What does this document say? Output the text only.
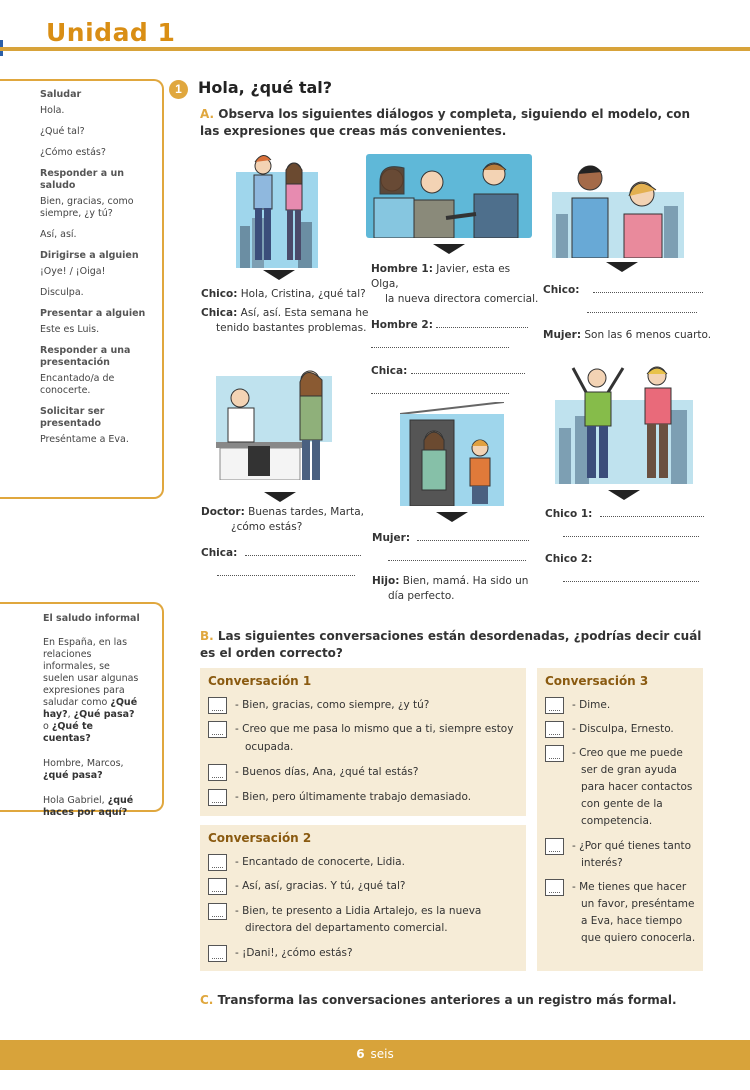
Unidad 1
Saludar
Hola.
¿Qué tal?
¿Cómo estás?
Responder a un saludo
Bien, gracias, como siempre, ¿y tú?
Así, así.
Dirigirse a alguien
¡Oye! / ¡Oiga!
Disculpa.
Presentar a alguien
Este es Luis.
Responder a una presentación
Encantado/a de conocerte.
Solicitar ser presentado
Preséntame a Eva.
El saludo informal
En España, en las relaciones informales, se suelen usar algunas expresiones para saludar como ¿Qué hay?, ¿Qué pasa? o ¿Qué te cuentas?
Hombre, Marcos, ¿qué pasa?
Hola Gabriel, ¿qué haces por aquí?
1	Hola, ¿qué tal?
A. Observa los siguientes diálogos y completa, siguiendo el modelo, con las expresiones que creas más convenientes.
Chico: Hola, Cristina, ¿qué tal?
Chica: Así, así. Esta semana he
tenido bastantes problemas.
Hombre 1: Javier, esta es Olga,
la nueva directora comercial.
Hombre 2:
Chica:
Chico:
Mujer: Son las 6 menos cuarto.
Doctor: Buenas tardes, Marta,
¿cómo estás?
Chica:
Mujer:
Hijo: Bien, mamá. Ha sido un
día perfecto.
Chico 1:
Chico 2:
B. Las siguientes conversaciones están desordenadas, ¿podrías decir cuál es el orden correcto?
Conversación 1
- Bien, gracias, como siempre, ¿y tú?
- Creo que me pasa lo mismo que a ti, siempre estoy
ocupada.
- Buenos días, Ana, ¿qué tal estás?
- Bien, pero últimamente trabajo demasiado.
Conversación 2
- Encantado de conocerte, Lidia.
- Así, así, gracias. Y tú, ¿qué tal?
- Bien, te presento a Lidia Artalejo, es la nueva
directora del departamento comercial.
- ¡Dani!, ¿cómo estás?
Conversación 3
- Dime.
- Disculpa, Ernesto.
- Creo que me puede
ser de gran ayuda
para hacer contactos
con gente de la
competencia.
- ¿Por qué tienes tanto
interés?
- Me tienes que hacer
un favor, preséntame
a Eva, hace tiempo
que quiero conocerla.
C. Transforma las conversaciones anteriores a un registro más formal.
6 seis
